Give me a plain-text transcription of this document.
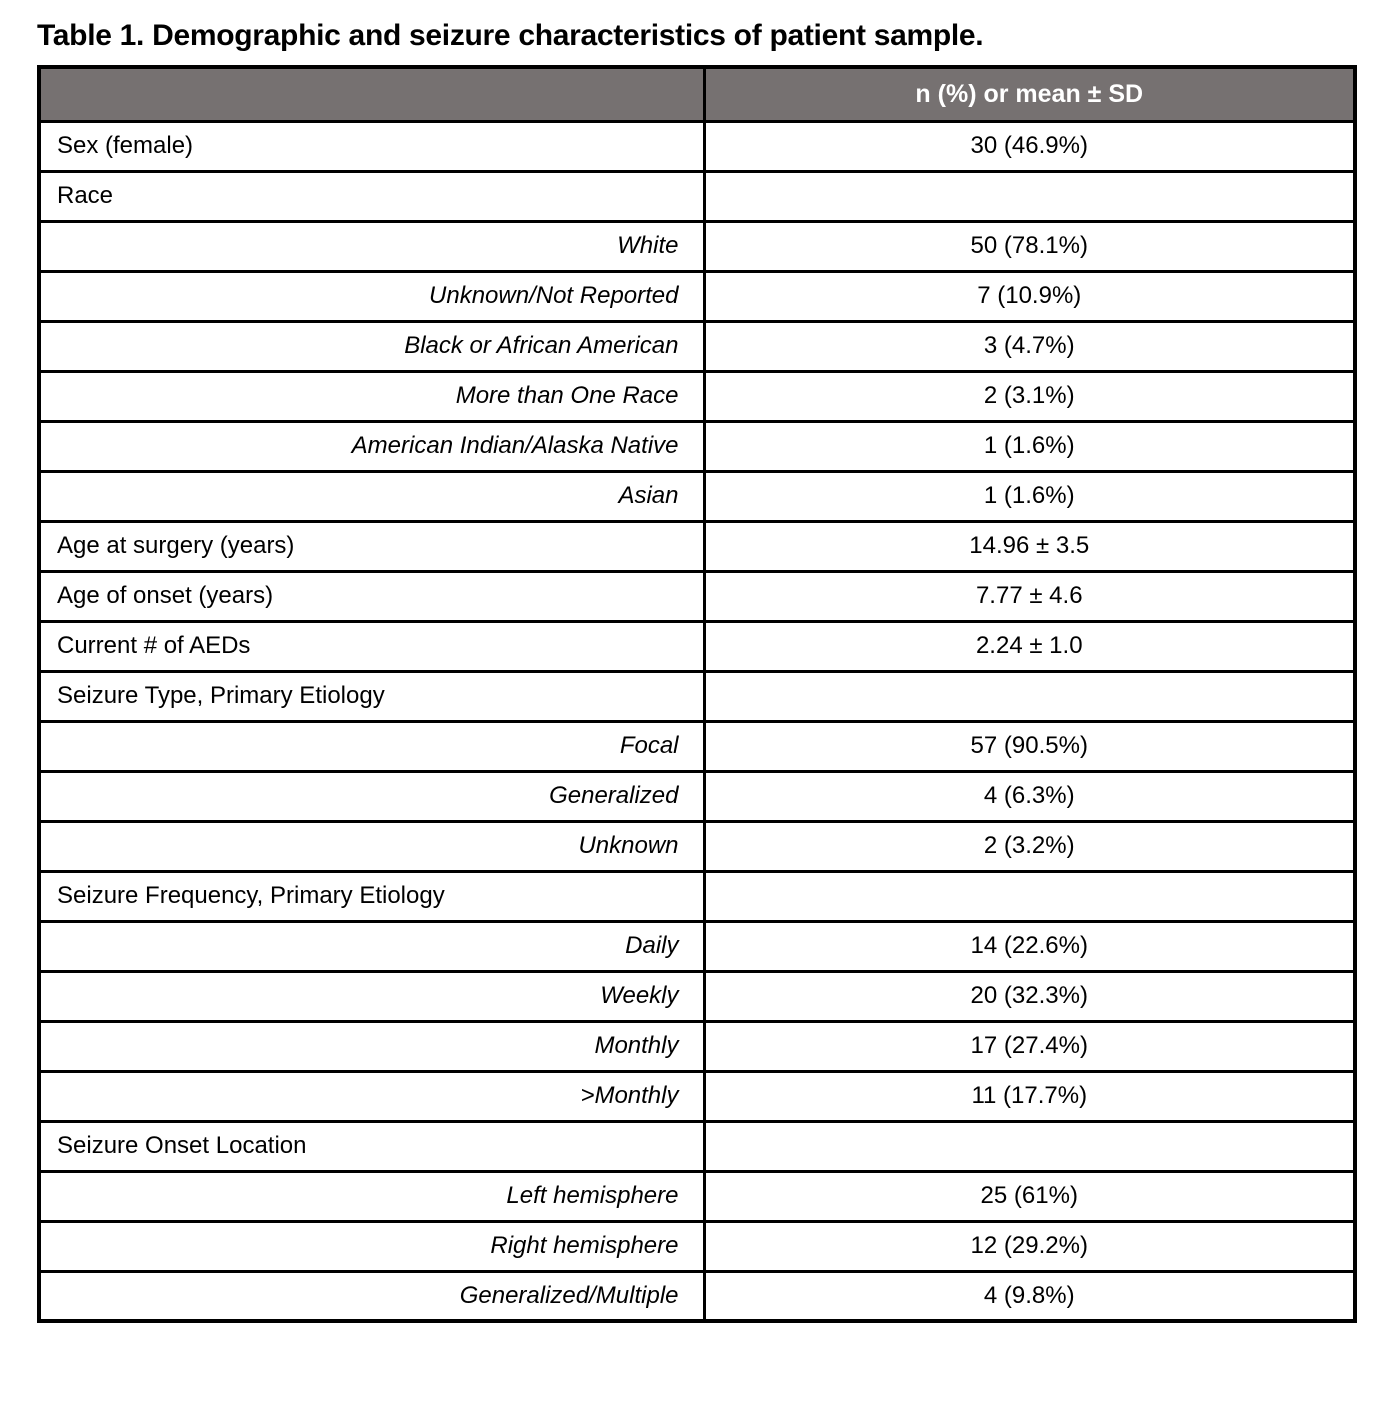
Table 1. Demographic and seizure characteristics of patient sample.
	n (%) or mean ± SD
Sex (female)	30 (46.9%)
Race	
White	50 (78.1%)
Unknown/Not Reported	7 (10.9%)
Black or African American	3 (4.7%)
More than One Race	2 (3.1%)
American Indian/Alaska Native	1 (1.6%)
Asian	1 (1.6%)
Age at surgery (years)	14.96 ± 3.5
Age of onset (years)	7.77 ± 4.6
Current # of AEDs	2.24 ± 1.0
Seizure Type, Primary Etiology	
Focal	57 (90.5%)
Generalized	4 (6.3%)
Unknown	2 (3.2%)
Seizure Frequency, Primary Etiology	
Daily	14 (22.6%)
Weekly	20 (32.3%)
Monthly	17 (27.4%)
>Monthly	11 (17.7%)
Seizure Onset Location	
Left hemisphere	25 (61%)
Right hemisphere	12 (29.2%)
Generalized/Multiple	4 (9.8%)
